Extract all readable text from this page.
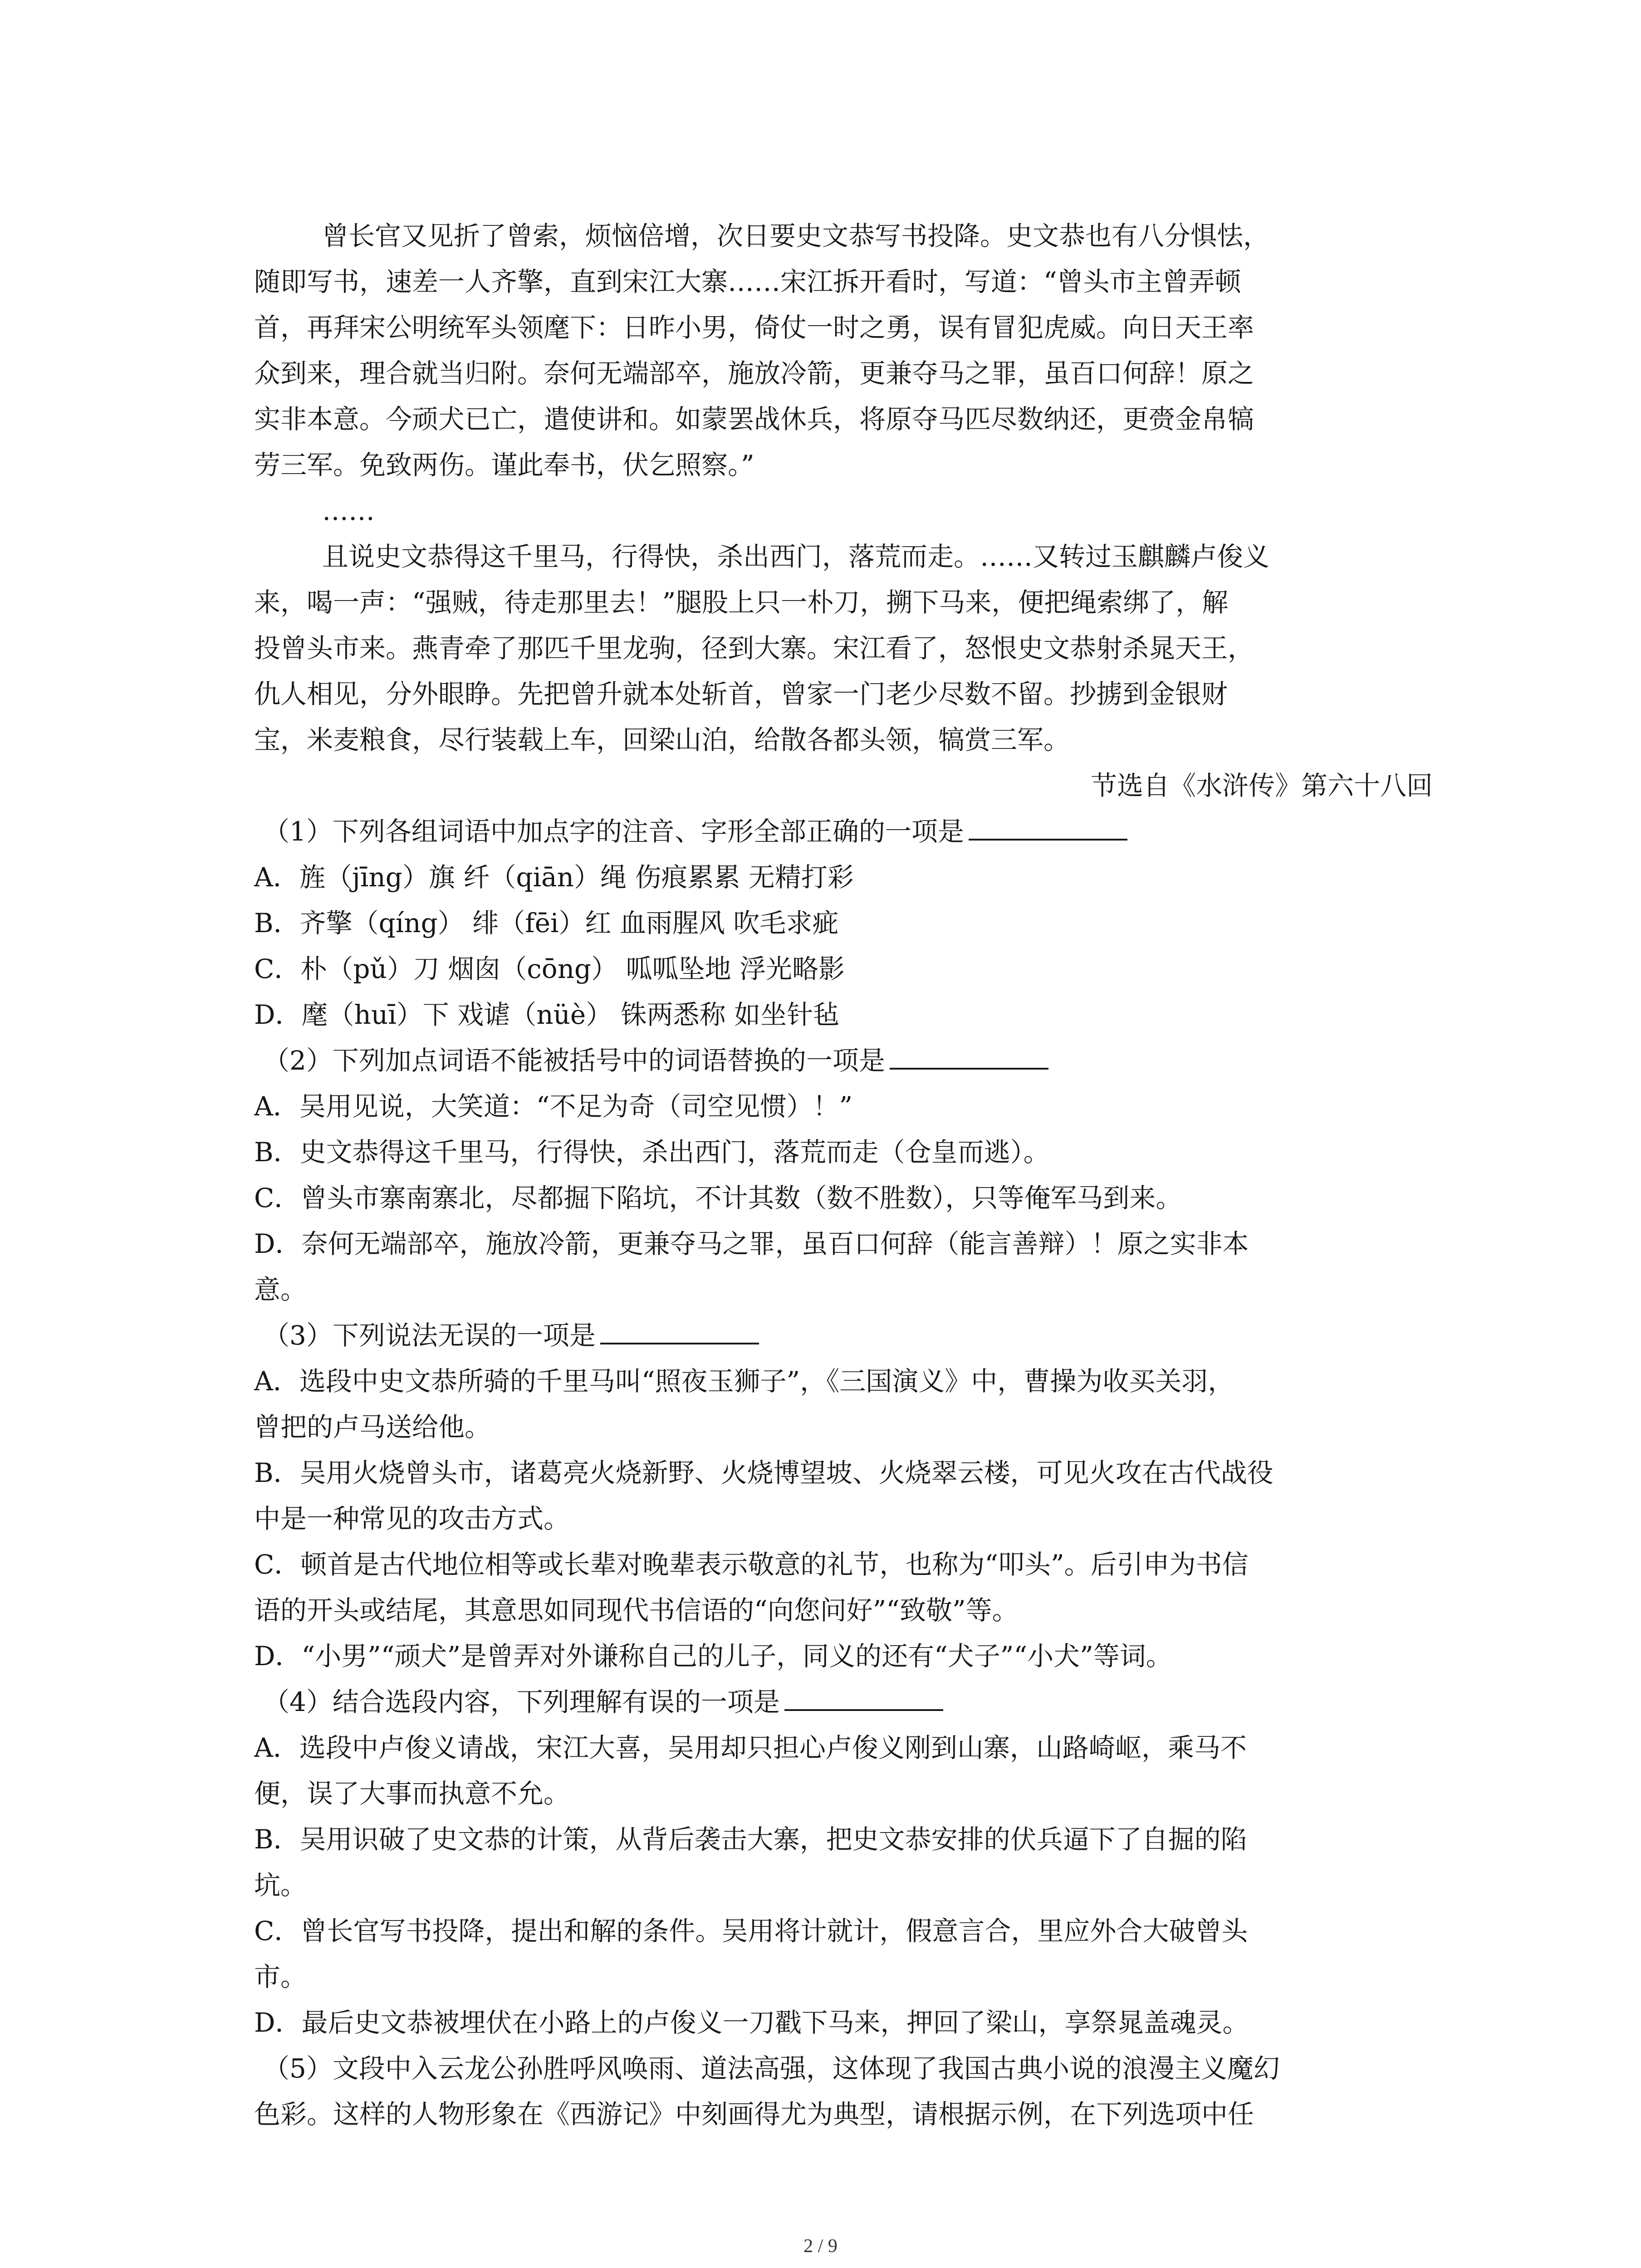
曾长官又见折了曾索，烦恼倍增，次日要史文恭写书投降。史文恭也有八分惧怯，
随即写书，速差一人齐擎，直到宋江大寨……宋江拆开看时，写道：“曾头市主曾弄顿
首，再拜宋公明统军头领麾下：日昨小男，倚仗一时之勇，误有冒犯虎威。向日天王率
众到来，理合就当归附。奈何无端部卒，施放冷箭，更兼夺马之罪，虽百口何辞！原之
实非本意。今顽犬已亡，遣使讲和。如蒙罢战休兵，将原夺马匹尽数纳还，更赍金帛犒
劳三军。免致两伤。谨此奉书，伏乞照察。”
……
且说史文恭得这千里马，行得快，杀出西门，落荒而走。……又转过玉麒麟卢俊义
来，喝一声：“强贼，待走那里去！”腿股上只一朴刀，搠下马来，便把绳索绑了，解
投曾头市来。燕青牵了那匹千里龙驹，径到大寨。宋江看了，怒恨史文恭射杀晁天王，
仇人相见，分外眼睁。先把曾升就本处斩首，曾家一门老少尽数不留。抄掳到金银财
宝，米麦粮食，尽行装载上车，回梁山泊，给散各都头领，犒赏三军。
节选自《水浒传》第六十八回
（1）下列各组词语中加点字的注音、字形全部正确的一项是
A．旌（jīng）旗 纤（qiān）绳 伤痕累累 无精打彩
B．齐擎（qíng） 绯（fēi）红 血雨腥风 吹毛求疵
C．朴（pǔ）刀 烟囱（cōng） 呱呱坠地 浮光略影
D．麾（huī）下 戏谑（nüè） 铢两悉称 如坐针毡
（2）下列加点词语不能被括号中的词语替换的一项是
A．吴用见说，大笑道：“不足为奇（司空见惯）！”
B．史文恭得这千里马，行得快，杀出西门，落荒而走（仓皇而逃）。
C．曾头市寨南寨北，尽都掘下陷坑，不计其数（数不胜数），只等俺军马到来。
D．奈何无端部卒，施放冷箭，更兼夺马之罪，虽百口何辞（能言善辩）！原之实非本
意。
（3）下列说法无误的一项是
A．选段中史文恭所骑的千里马叫“照夜玉狮子”，《三国演义》中，曹操为收买关羽，
曾把的卢马送给他。
B．吴用火烧曾头市，诸葛亮火烧新野、火烧博望坡、火烧翠云楼，可见火攻在古代战役
中是一种常见的攻击方式。
C．顿首是古代地位相等或长辈对晚辈表示敬意的礼节，也称为“叩头”。后引申为书信
语的开头或结尾，其意思如同现代书信语的“向您问好”“致敬”等。
D．“小男”“顽犬”是曾弄对外谦称自己的儿子，同义的还有“犬子”“小犬”等词。
（4）结合选段内容，下列理解有误的一项是
A．选段中卢俊义请战，宋江大喜，吴用却只担心卢俊义刚到山寨，山路崎岖，乘马不
便，误了大事而执意不允。
B．吴用识破了史文恭的计策，从背后袭击大寨，把史文恭安排的伏兵逼下了自掘的陷
坑。
C．曾长官写书投降，提出和解的条件。吴用将计就计，假意言合，里应外合大破曾头
市。
D．最后史文恭被埋伏在小路上的卢俊义一刀戳下马来，押回了梁山，享祭晁盖魂灵。
（5）文段中入云龙公孙胜呼风唤雨、道法高强，这体现了我国古典小说的浪漫主义魔幻
色彩。这样的人物形象在《西游记》中刻画得尤为典型，请根据示例，在下列选项中任
2 / 9
